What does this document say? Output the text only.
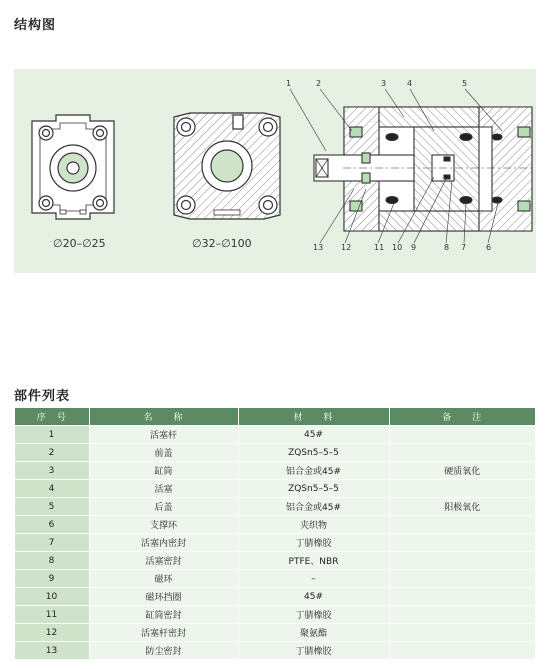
结构图
∅20–∅25	∅32–∅100
1	2	3	4	5
13 12	11 10 9	8 7 6
部件列表
序　号	名　　称	材　　料	备　　注
1	活塞杆	45#	
2	前盖	ZQSn5–5–5	
3	缸筒	铝合金或45#	硬质氧化
4	活塞	ZQSn5–5–5	
5	后盖	铝合金或45#	阳极氧化
6	支撑环	夹织物	
7	活塞内密封	丁腈橡胶	
8	活塞密封	PTFE、NBR	
9	磁环	–	
10	磁环挡圈	45#	
11	缸筒密封	丁腈橡胶	
12	活塞杆密封	聚氨酯	
13	防尘密封	丁腈橡胶	
